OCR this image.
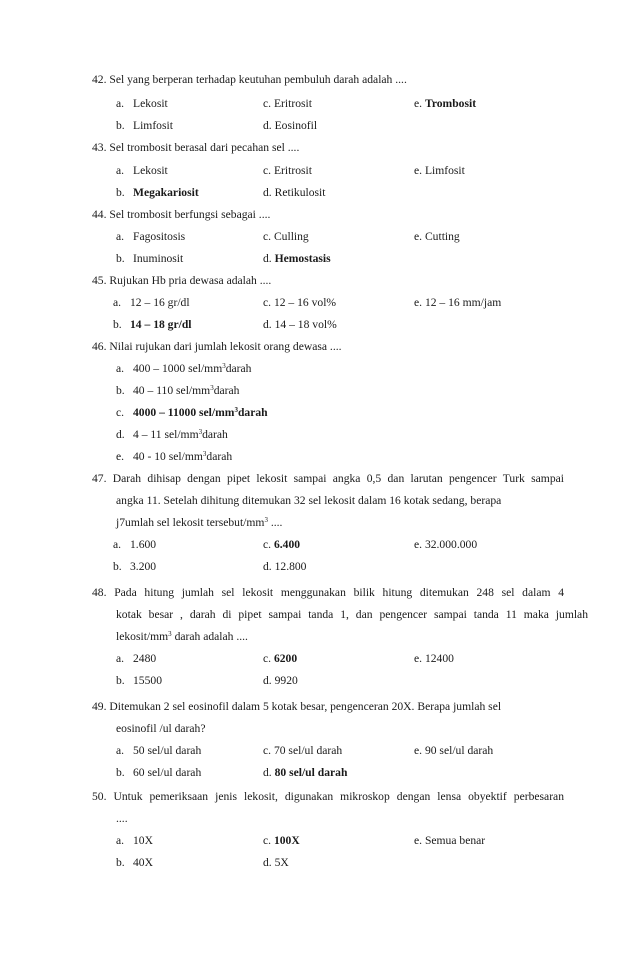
42. Sel yang berperan terhadap keutuhan pembuluh darah adalah ....
a. Lekosit	c. Eritrosit	e. Trombosit
b. Limfosit	d. Eosinofil
43. Sel trombosit berasal dari pecahan sel ....
a. Lekosit	c. Eritrosit	e. Limfosit
b. Megakariosit	d. Retikulosit
44. Sel trombosit berfungsi sebagai ....
a. Fagositosis	c. Culling	e. Cutting
b. Inuminosit	d. Hemostasis
45. Rujukan Hb pria dewasa adalah ....
a. 12 – 16 gr/dl	c. 12 – 16 vol%	e. 12 – 16 mm/jam
b. 14 – 18 gr/dl	d. 14 – 18 vol%
46. Nilai rujukan dari jumlah lekosit orang dewasa ....
a. 400 – 1000 sel/$mm^3darah$
b. 40 – 110 sel/$mm^3darah$
c. 4000 – 11000 sel/$mm^3darah$
d. 4 – 11 sel/$mm^3darah$
e. 40 - 10 sel/$mm^3darah$
47. Darah dihisap dengan pipet lekosit sampai angka 0,5 dan larutan pengencer Turk sampai
angka 11. Setelah dihitung ditemukan 32 sel lekosit dalam 16 kotak sedang, berapa
j7umlah sel lekosit tersebut/$mm^3$ ....
a. 1.600	c. 6.400	e. 32.000.000
b. 3.200	d. 12.800
48. Pada hitung jumlah sel lekosit menggunakan bilik hitung ditemukan 248 sel dalam 4
kotak besar , darah di pipet sampai tanda 1, dan pengencer sampai tanda 11 maka jumlah
lekosit/$mm^3$ darah adalah ....
a. 2480	c. 6200	e. 12400
b. 15500	d. 9920
49. Ditemukan 2 sel eosinofil dalam 5 kotak besar, pengenceran 20X. Berapa jumlah sel
eosinofil /ul darah?
a. 50 sel/ul darah	c. 70 sel/ul darah	e. 90 sel/ul darah
b. 60 sel/ul darah	d. 80 sel/ul darah
50. Untuk pemeriksaan jenis lekosit, digunakan mikroskop dengan lensa obyektif perbesaran
....
a. 10X	c. 100X	e. Semua benar
b. 40X	d. 5X
